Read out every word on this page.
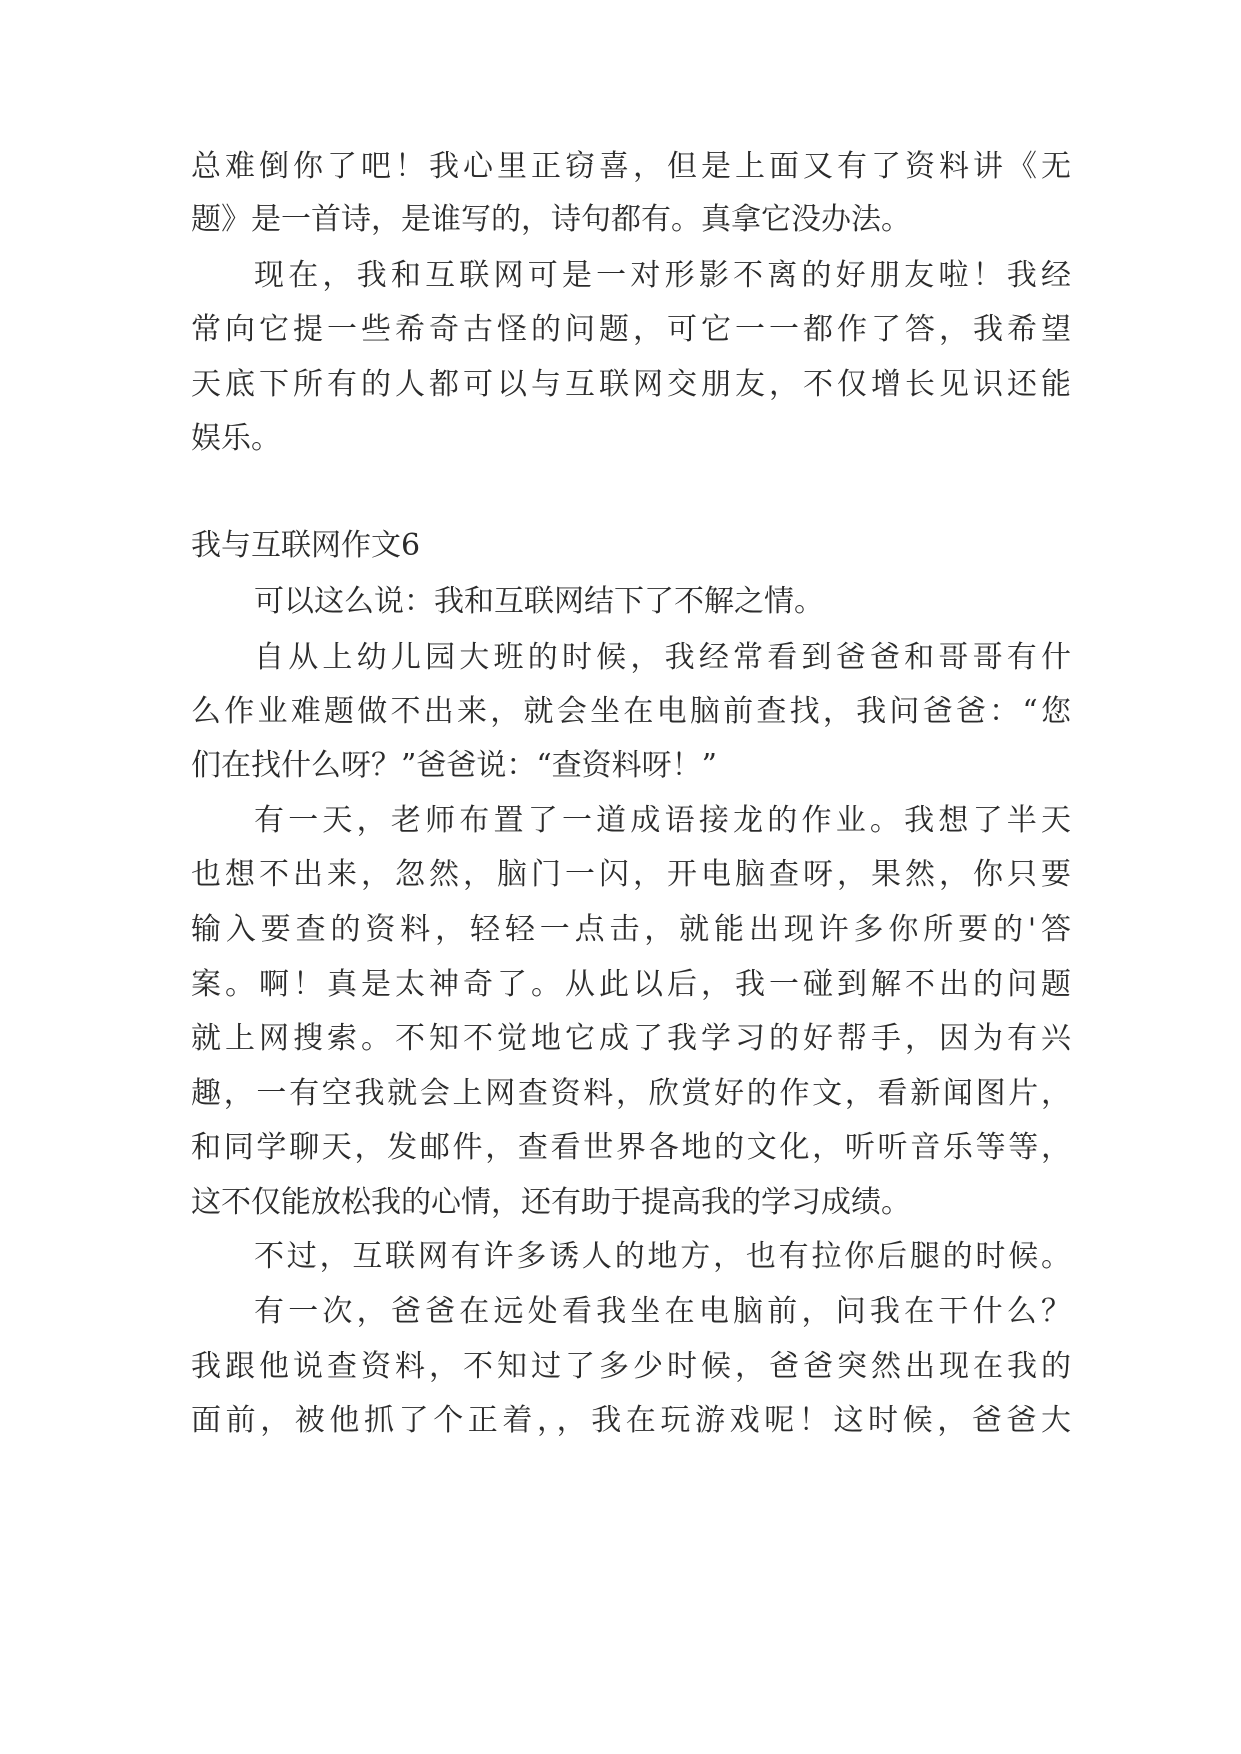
总难倒你了吧！我心里正窃喜，但是上面又有了资料讲《无
题》是一首诗，是谁写的，诗句都有。真拿它没办法。
现在，我和互联网可是一对形影不离的好朋友啦！我经
常向它提一些希奇古怪的问题，可它一一都作了答，我希望
天底下所有的人都可以与互联网交朋友，不仅增长见识还能
娱乐。
我与互联网作文6
可以这么说：我和互联网结下了不解之情。
自从上幼儿园大班的时候，我经常看到爸爸和哥哥有什
么作业难题做不出来，就会坐在电脑前查找，我问爸爸：“您
们在找什么呀？”爸爸说：“查资料呀！”
有一天，老师布置了一道成语接龙的作业。我想了半天
也想不出来，忽然，脑门一闪，开电脑查呀，果然，你只要
输入要查的资料，轻轻一点击，就能出现许多你所要的'答
案。啊！真是太神奇了。从此以后，我一碰到解不出的问题
就上网搜索。不知不觉地它成了我学习的好帮手，因为有兴
趣，一有空我就会上网查资料，欣赏好的作文，看新闻图片，
和同学聊天，发邮件，查看世界各地的文化，听听音乐等等，
这不仅能放松我的心情，还有助于提高我的学习成绩。
不过，互联网有许多诱人的地方，也有拉你后腿的时候。
有一次，爸爸在远处看我坐在电脑前，问我在干什么？
我跟他说查资料，不知过了多少时候，爸爸突然出现在我的
面前，被他抓了个正着，，我在玩游戏呢！这时候，爸爸大
